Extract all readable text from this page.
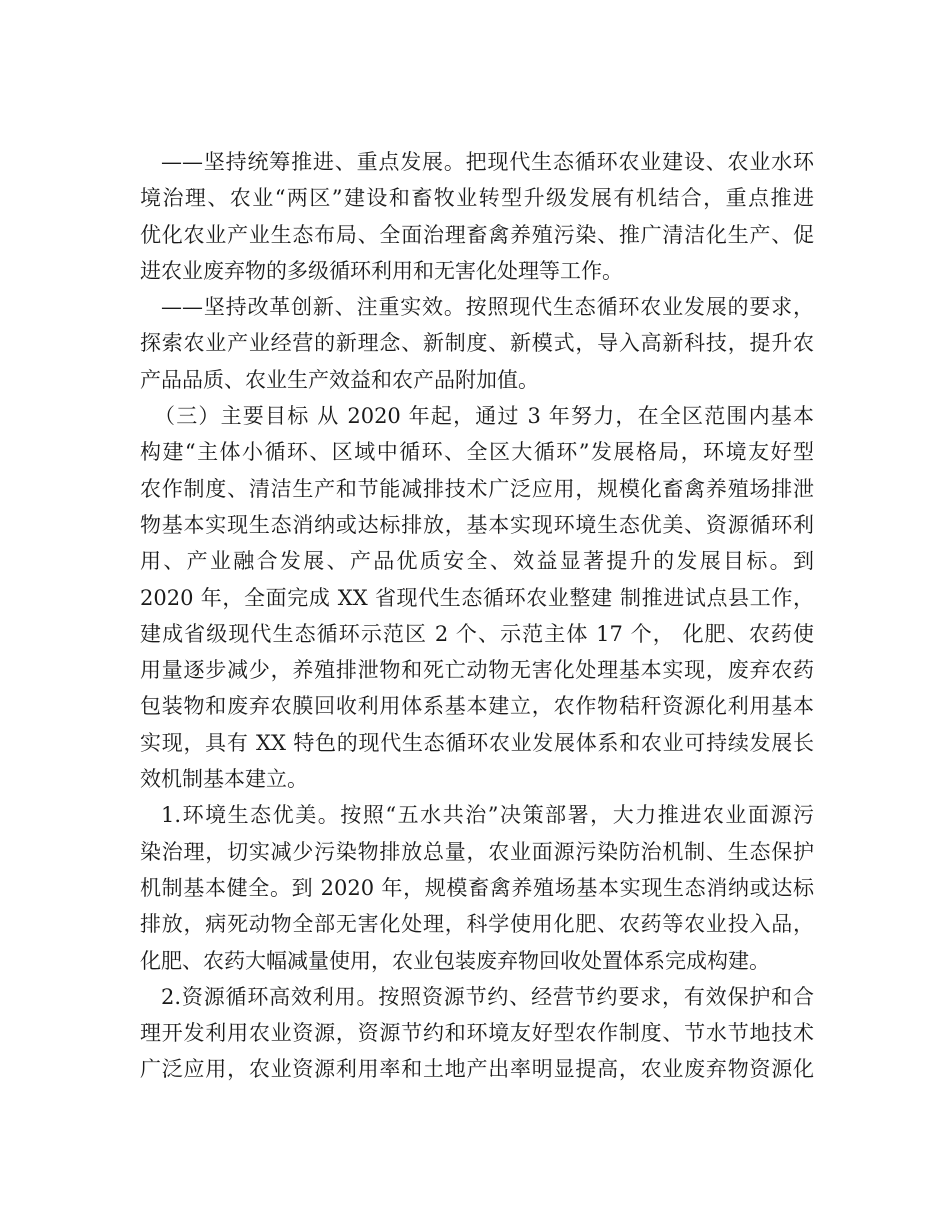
——坚持统筹推进、重点发展。把现代生态循环农业建设、农业水环
境治理、农业“两区”建设和畜牧业转型升级发展有机结合，重点推进
优化农业产业生态布局、全面治理畜禽养殖污染、推广清洁化生产、促
进农业废弃物的多级循环利用和无害化处理等工作。
——坚持改革创新、注重实效。按照现代生态循环农业发展的要求，
探索农业产业经营的新理念、新制度、新模式，导入高新科技，提升农
产品品质、农业生产效益和农产品附加值。
（三）主要目标 从 2020 年起，通过 3 年努力，在全区范围内基本
构建“主体小循环、区域中循环、全区大循环”发展格局，环境友好型
农作制度、清洁生产和节能减排技术广泛应用，规模化畜禽养殖场排泄
物基本实现生态消纳或达标排放，基本实现环境生态优美、资源循环利
用、产业融合发展、产品优质安全、效益显著提升的发展目标。到
2020 年，全面完成 XX 省现代生态循环农业整建 制推进试点县工作，
建成省级现代生态循环示范区 2 个、示范主体 17 个， 化肥、农药使
用量逐步减少，养殖排泄物和死亡动物无害化处理基本实现，废弃农药
包装物和废弃农膜回收利用体系基本建立，农作物秸秆资源化利用基本
实现，具有 XX 特色的现代生态循环农业发展体系和农业可持续发展长
效机制基本建立。
1.环境生态优美。按照“五水共治”决策部署，大力推进农业面源污
染治理，切实减少污染物排放总量，农业面源污染防治机制、生态保护
机制基本健全。到 2020 年，规模畜禽养殖场基本实现生态消纳或达标
排放，病死动物全部无害化处理，科学使用化肥、农药等农业投入品，
化肥、农药大幅减量使用，农业包装废弃物回收处置体系完成构建。
2.资源循环高效利用。按照资源节约、经营节约要求，有效保护和合
理开发利用农业资源，资源节约和环境友好型农作制度、节水节地技术
广泛应用，农业资源利用率和土地产出率明显提高，农业废弃物资源化
